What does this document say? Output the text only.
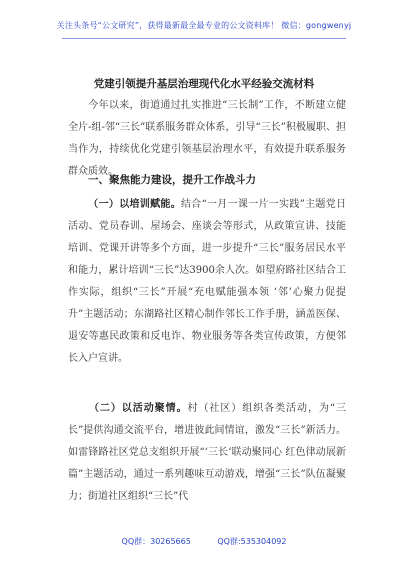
关注头条号“公文研究”，获得最新最全最专业的公文资料库！ 微信：gongwenyj
党建引领提升基层治理现代化水平经验交流材料
今年以来，街道通过扎实推进“三长制”工作，不断建立健全片-组-邻“三长”联系服务群众体系，引导“三长”积极履职、担当作为，持续优化党建引领基层治理水平，有效提升联系服务群众质效。
一、聚焦能力建设，提升工作战斗力
（一）以培训赋能。结合“一月一课一片一实践”主题党日活动、党员春训、屋场会、座谈会等形式，从政策宣讲、技能培训、党课开讲等多个方面，进一步提升“三长”服务居民水平和能力，累计培训“三长”达3900余人次。如望府路社区结合工作实际，组织“三长”开展“充电赋能强本领 ‘邻’心聚力促提升”主题活动；东湖路社区精心制作邻长工作手册，涵盖医保、退安等惠民政策和反电诈、物业服务等各类宣传政策，方便邻长入户宣讲。
（二）以活动聚情。村（社区）组织各类活动，为“三长”提供沟通交流平台，增进彼此间情谊，激发“三长”新活力。如雷锋路社区党总支组织开展“‘三长’联动聚同心 红色律动展新篇”主题活动，通过一系列趣味互动游戏，增强“三长”队伍凝聚力；街道社区组织“三长”代
QQ群：30265665	QQ群:535304092
